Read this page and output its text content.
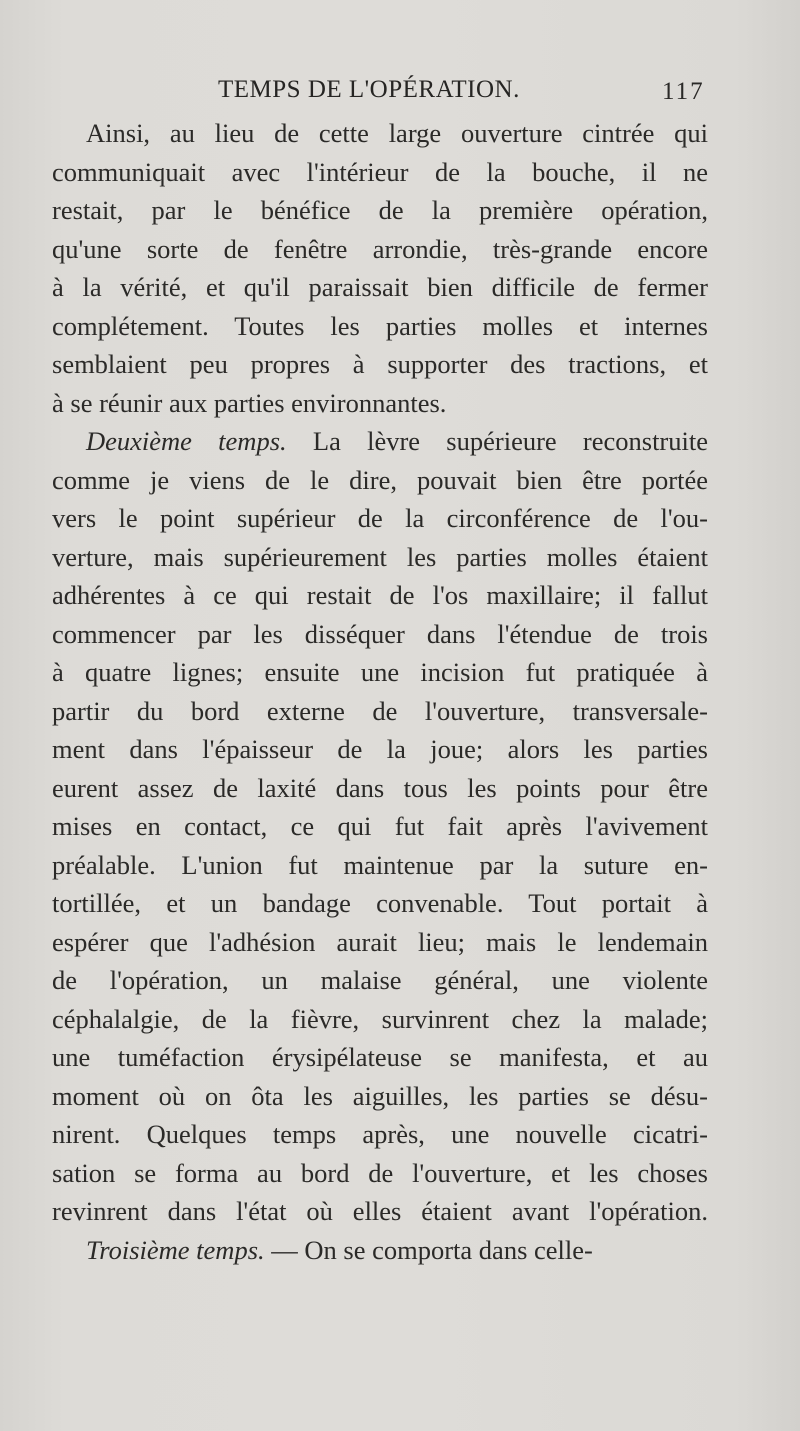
TEMPS DE L'OPÉRATION.	117
Ainsi, au lieu de cette large ouverture cintrée qui
communiquait avec l'intérieur de la bouche, il ne
restait, par le bénéfice de la première opération,
qu'une sorte de fenêtre arrondie, très-grande encore
à la vérité, et qu'il paraissait bien difficile de fermer
complétement. Toutes les parties molles et internes
semblaient peu propres à supporter des tractions, et
à se réunir aux parties environnantes.
Deuxième temps. La lèvre supérieure reconstruite
comme je viens de le dire, pouvait bien être portée
vers le point supérieur de la circonférence de l'ou-
verture, mais supérieurement les parties molles étaient
adhérentes à ce qui restait de l'os maxillaire; il fallut
commencer par les disséquer dans l'étendue de trois
à quatre lignes; ensuite une incision fut pratiquée à
partir du bord externe de l'ouverture, transversale-
ment dans l'épaisseur de la joue; alors les parties
eurent assez de laxité dans tous les points pour être
mises en contact, ce qui fut fait après l'avivement
préalable. L'union fut maintenue par la suture en-
tortillée, et un bandage convenable. Tout portait à
espérer que l'adhésion aurait lieu; mais le lendemain
de l'opération, un malaise général, une violente
céphalalgie, de la fièvre, survinrent chez la malade;
une tuméfaction érysipélateuse se manifesta, et au
moment où on ôta les aiguilles, les parties se désu-
nirent. Quelques temps après, une nouvelle cicatri-
sation se forma au bord de l'ouverture, et les choses
revinrent dans l'état où elles étaient avant l'opération.
Troisième temps. — On se comporta dans celle-
